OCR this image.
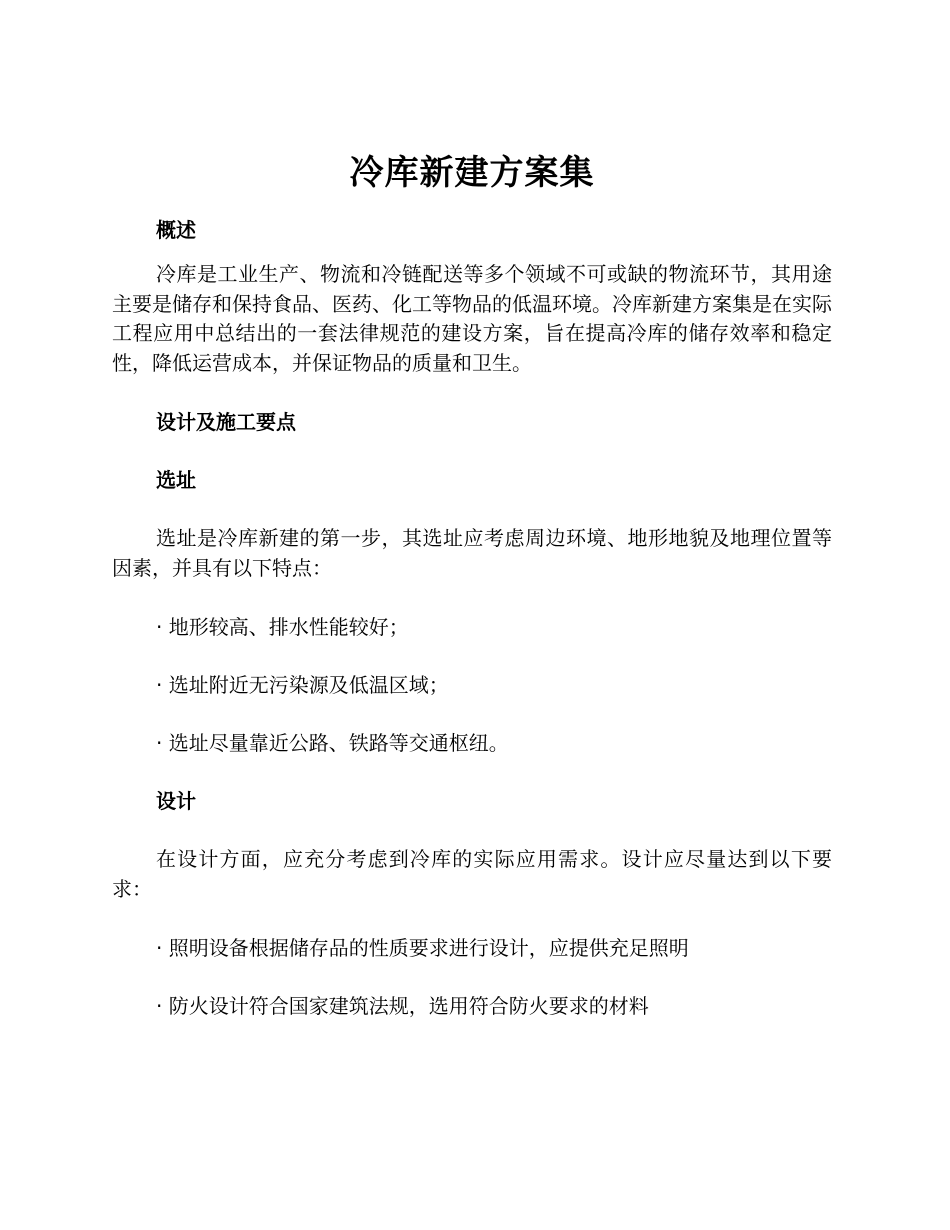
冷库新建方案集

概述

冷库是工业生产、物流和冷链配送等多个领域不可或缺的物流环节，其用途主要是储存和保持食品、医药、化工等物品的低温环境。冷库新建方案集是在实际工程应用中总结出的一套法律规范的建设方案，旨在提高冷库的储存效率和稳定性，降低运营成本，并保证物品的质量和卫生。

设计及施工要点

选址

选址是冷库新建的第一步，其选址应考虑周边环境、地形地貌及地理位置等因素，并具有以下特点：

· 地形较高、排水性能较好；

· 选址附近无污染源及低温区域；

· 选址尽量靠近公路、铁路等交通枢纽。

设计

在设计方面，应充分考虑到冷库的实际应用需求。设计应尽量达到以下要求：

· 照明设备根据储存品的性质要求进行设计，应提供充足照明

· 防火设计符合国家建筑法规，选用符合防火要求的材料
